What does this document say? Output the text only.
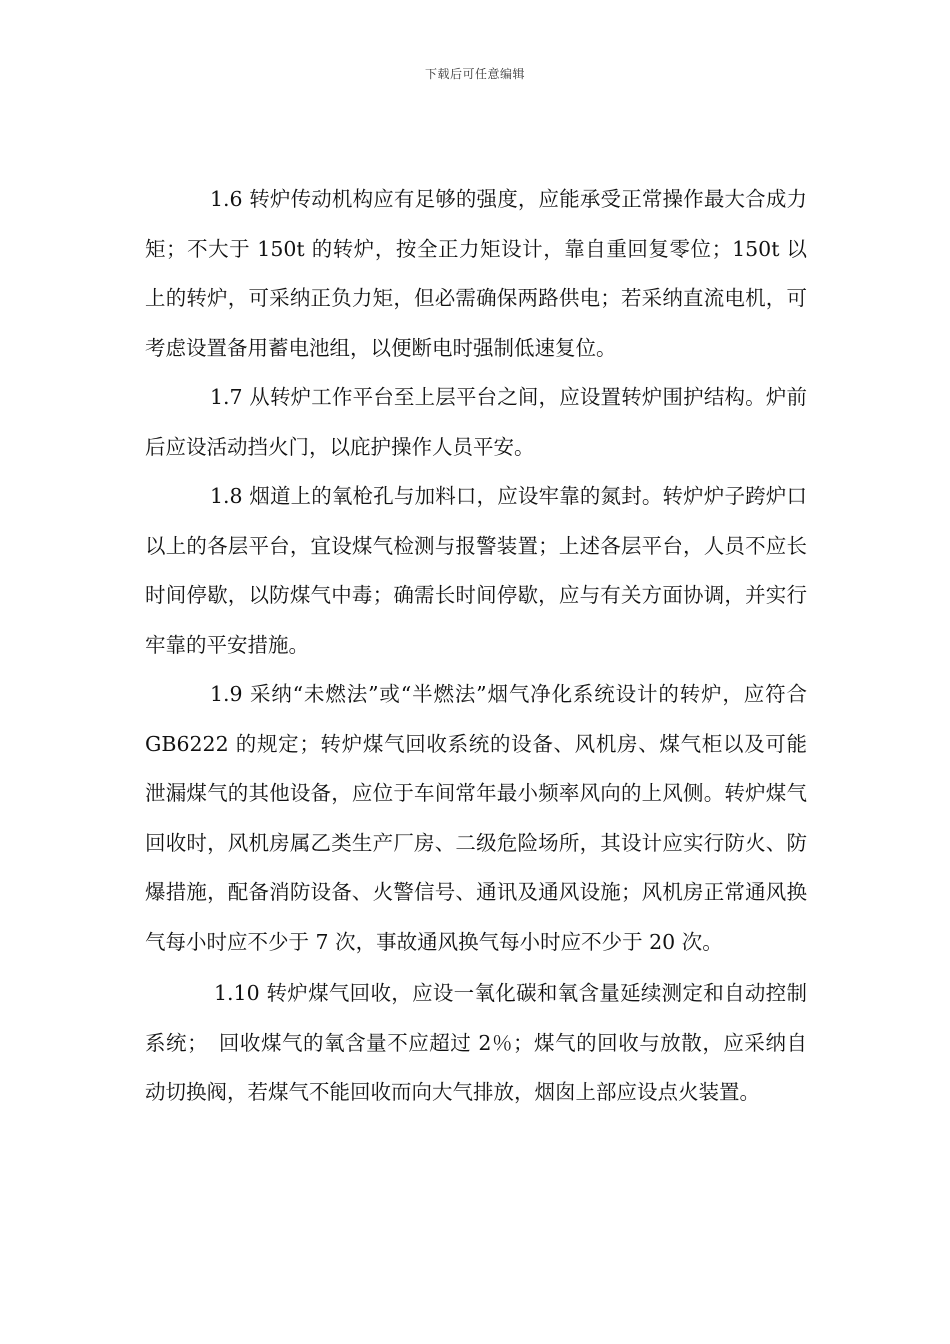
下载后可任意编辑

1.6 转炉传动机构应有足够的强度，应能承受正常操作最大合成力矩；不大于 150t 的转炉，按全正力矩设计，靠自重回复零位；150t 以上的转炉，可采纳正负力矩，但必需确保两路供电；若采纳直流电机，可考虑设置备用蓄电池组，以便断电时强制低速复位。

1.7 从转炉工作平台至上层平台之间，应设置转炉围护结构。炉前后应设活动挡火门，以庇护操作人员平安。

1.8 烟道上的氧枪孔与加料口，应设牢靠的氮封。转炉炉子跨炉口以上的各层平台，宜设煤气检测与报警装置；上述各层平台，人员不应长时间停歇，以防煤气中毒；确需长时间停歇，应与有关方面协调，并实行牢靠的平安措施。

1.9 采纳“未燃法”或“半燃法”烟气净化系统设计的转炉，应符合 GB6222 的规定；转炉煤气回收系统的设备、风机房、煤气柜以及可能泄漏煤气的其他设备，应位于车间常年最小频率风向的上风侧。转炉煤气回收时，风机房属乙类生产厂房、二级危险场所，其设计应实行防火、防爆措施，配备消防设备、火警信号、通讯及通风设施；风机房正常通风换气每小时应不少于 7 次，事故通风换气每小时应不少于 20 次。

1.10 转炉煤气回收，应设一氧化碳和氧含量延续测定和自动控制系统；　回收煤气的氧含量不应超过 2％；煤气的回收与放散，应采纳自动切换阀，若煤气不能回收而向大气排放，烟囱上部应设点火装置。
